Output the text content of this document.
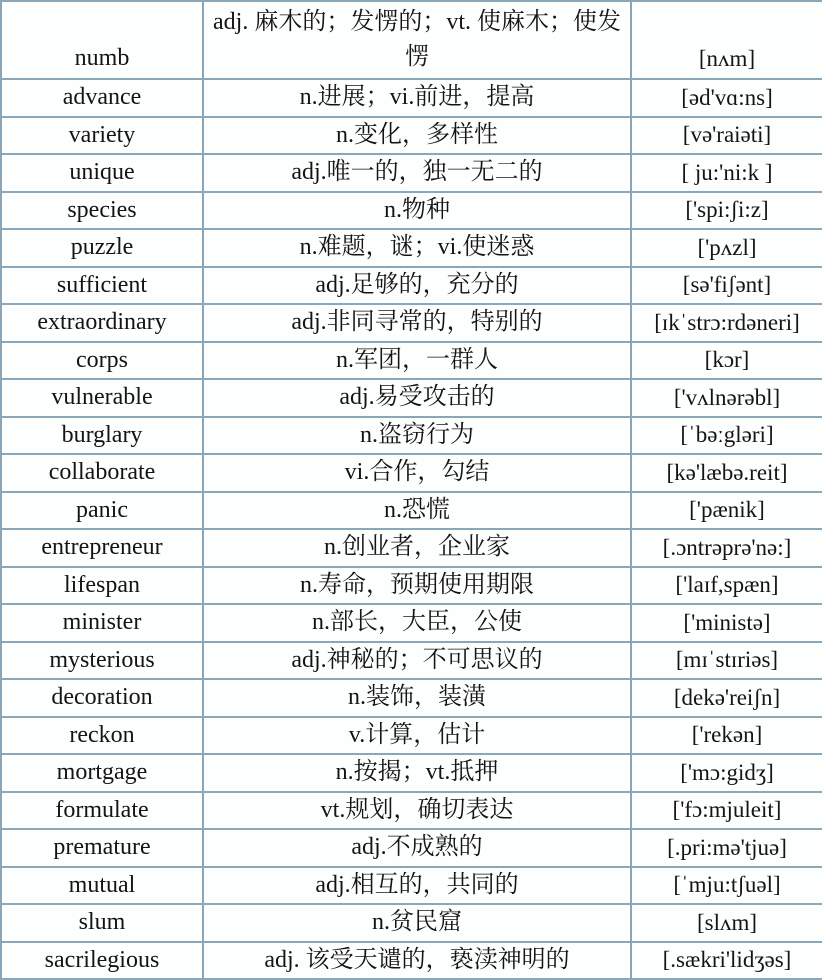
numb	adj. 麻木的；发愣的；vt. 使麻木；使发愣	[nʌm]
advance	n.进展；vi.前进，提高	[əd'vɑ:ns]
variety	n.变化，多样性	[və'raiəti]
unique	adj.唯一的，独一无二的	[ ju:'ni:k ]
species	n.物种	['spi:ʃi:z]
puzzle	n.难题，谜；vi.使迷惑	['pʌzl]
sufficient	adj.足够的，充分的	[sə'fiʃənt]
extraordinary	adj.非同寻常的，特别的	[ɪkˈstrɔ:rdəneri]
corps	n.军团，一群人	[kɔr]
vulnerable	adj.易受攻击的	['vʌlnərəbl]
burglary	n.盗窃行为	[ˈbəːgləri]
collaborate	vi.合作，勾结	[kə'læbə.reit]
panic	n.恐慌	['pænik]
entrepreneur	n.创业者，企业家	[.ɔntrəprə'nə:]
lifespan	n.寿命，预期使用期限	['laɪf,spæn]
minister	n.部长，大臣，公使	['ministə]
mysterious	adj.神秘的；不可思议的	[mɪˈstɪriəs]
decoration	n.装饰，装潢	[dekə'reiʃn]
reckon	v.计算，估计	['rekən]
mortgage	n.按揭；vt.抵押	['mɔ:gidʒ]
formulate	vt.规划，确切表达	['fɔ:mjuleit]
premature	adj.不成熟的	[.pri:mə'tjuə]
mutual	adj.相互的，共同的	[ˈmju:tʃuəl]
slum	n.贫民窟	[slʌm]
sacrilegious	adj. 该受天谴的，亵渎神明的	[.sækri'lidʒəs]
